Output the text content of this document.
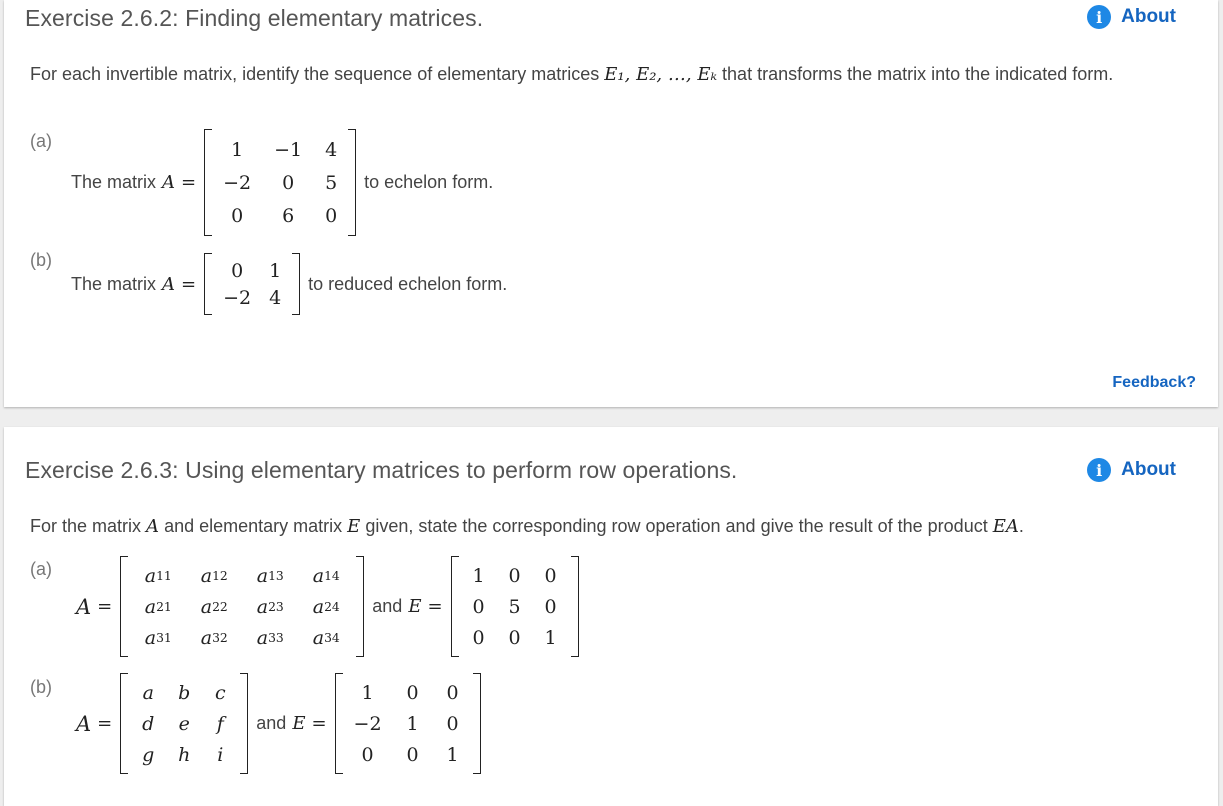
Exercise 2.6.2: Finding elementary matrices.	i About
For each invertible matrix, identify the sequence of elementary matrices E₁, E₂, …, Eₖ that transforms the matrix into the indicated form.
(a)
The matrix A =
1	−1	4
−2	0	5
0	6	0
to echelon form.
(b)
The matrix A =
0	1
−2 4
to reduced echelon form.
Feedback?
Exercise 2.6.3: Using elementary matrices to perform row operations.	i About
For the matrix A and elementary matrix E given, state the corresponding row operation and give the result of the product EA.
(a)
A =
a 11	a 12	a 13	a 14
a 21	a 22	a 23	a 24
a 31	a 32	a 33	a 34
and E =
1	0	0
0	5	0
0	0	1
(b)
A =
a	b	c
d	e	f
g	h	i
and E =
1	0	0
−2	1	0
0	0	1
